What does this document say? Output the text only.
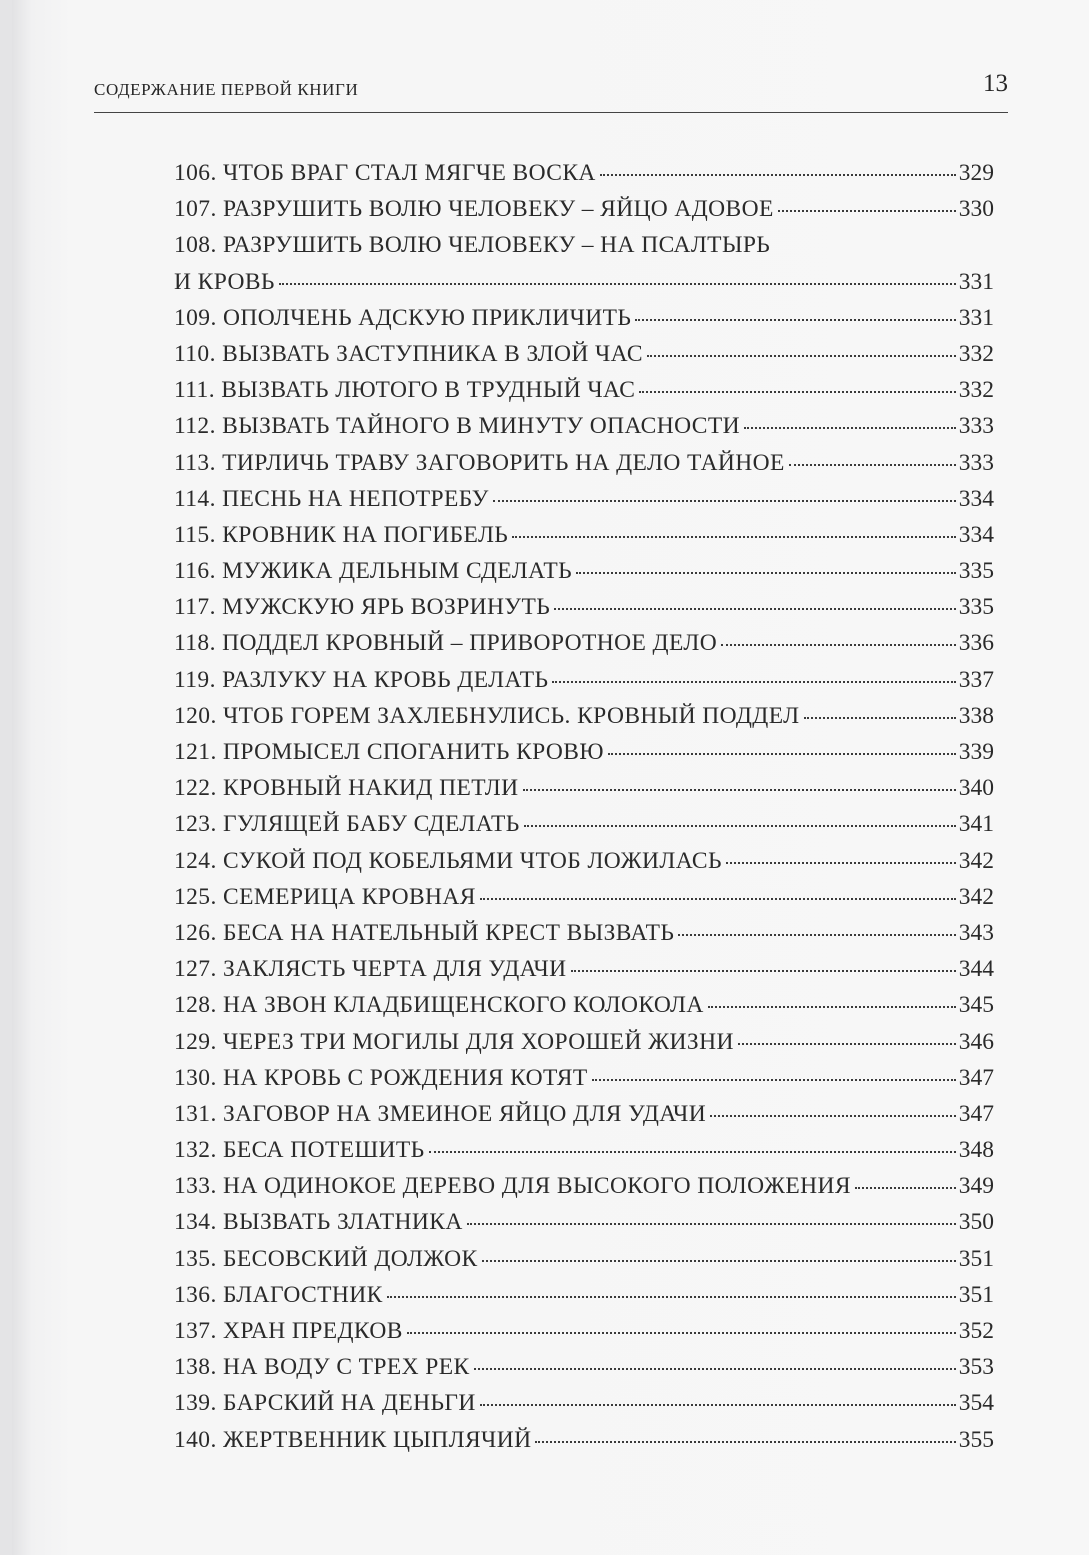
СОДЕРЖАНИЕ ПЕРВОЙ КНИГИ	13
106. ЧТОБ ВРАГ СТАЛ МЯГЧЕ ВОСКА	329
107. РАЗРУШИТЬ ВОЛЮ ЧЕЛОВЕКУ – ЯЙЦО АДОВОЕ	330
108. РАЗРУШИТЬ ВОЛЮ ЧЕЛОВЕКУ – НА ПСАЛТЫРЬ
И КРОВЬ	331
109. ОПОЛЧЕНЬ АДСКУЮ ПРИКЛИЧИТЬ	331
110. ВЫЗВАТЬ ЗАСТУПНИКА В ЗЛОЙ ЧАС	332
111. ВЫЗВАТЬ ЛЮТОГО В ТРУДНЫЙ ЧАС	332
112. ВЫЗВАТЬ ТАЙНОГО В МИНУТУ ОПАСНОСТИ	333
113. ТИРЛИЧЬ ТРАВУ ЗАГОВОРИТЬ НА ДЕЛО ТАЙНОЕ	333
114. ПЕСНЬ НА НЕПОТРЕБУ	334
115. КРОВНИК НА ПОГИБЕЛЬ	334
116. МУЖИКА ДЕЛЬНЫМ СДЕЛАТЬ	335
117. МУЖСКУЮ ЯРЬ ВОЗРИНУТЬ	335
118. ПОДДЕЛ КРОВНЫЙ – ПРИВОРОТНОЕ ДЕЛО	336
119. РАЗЛУКУ НА КРОВЬ ДЕЛАТЬ	337
120. ЧТОБ ГОРЕМ ЗАХЛЕБНУЛИСЬ. КРОВНЫЙ ПОДДЕЛ	338
121. ПРОМЫСЕЛ СПОГАНИТЬ КРОВЮ	339
122. КРОВНЫЙ НАКИД ПЕТЛИ	340
123. ГУЛЯЩЕЙ БАБУ СДЕЛАТЬ	341
124. СУКОЙ ПОД КОБЕЛЬЯМИ ЧТОБ ЛОЖИЛАСЬ	342
125. СЕМЕРИЦА КРОВНАЯ	342
126. БЕСА НА НАТЕЛЬНЫЙ КРЕСТ ВЫЗВАТЬ	343
127. ЗАКЛЯСТЬ ЧЕРТА ДЛЯ УДАЧИ	344
128. НА ЗВОН КЛАДБИЩЕНСКОГО КОЛОКОЛА	345
129. ЧЕРЕЗ ТРИ МОГИЛЫ ДЛЯ ХОРОШЕЙ ЖИЗНИ	346
130. НА КРОВЬ С РОЖДЕНИЯ КОТЯТ	347
131. ЗАГОВОР НА ЗМЕИНОЕ ЯЙЦО ДЛЯ УДАЧИ	347
132. БЕСА ПОТЕШИТЬ	348
133. НА ОДИНОКОЕ ДЕРЕВО ДЛЯ ВЫСОКОГО ПОЛОЖЕНИЯ	349
134. ВЫЗВАТЬ ЗЛАТНИКА	350
135. БЕСОВСКИЙ ДОЛЖОК	351
136. БЛАГОСТНИК	351
137. ХРАН ПРЕДКОВ	352
138. НА ВОДУ С ТРЕХ РЕК	353
139. БАРСКИЙ НА ДЕНЬГИ	354
140. ЖЕРТВЕННИК ЦЫПЛЯЧИЙ	355
